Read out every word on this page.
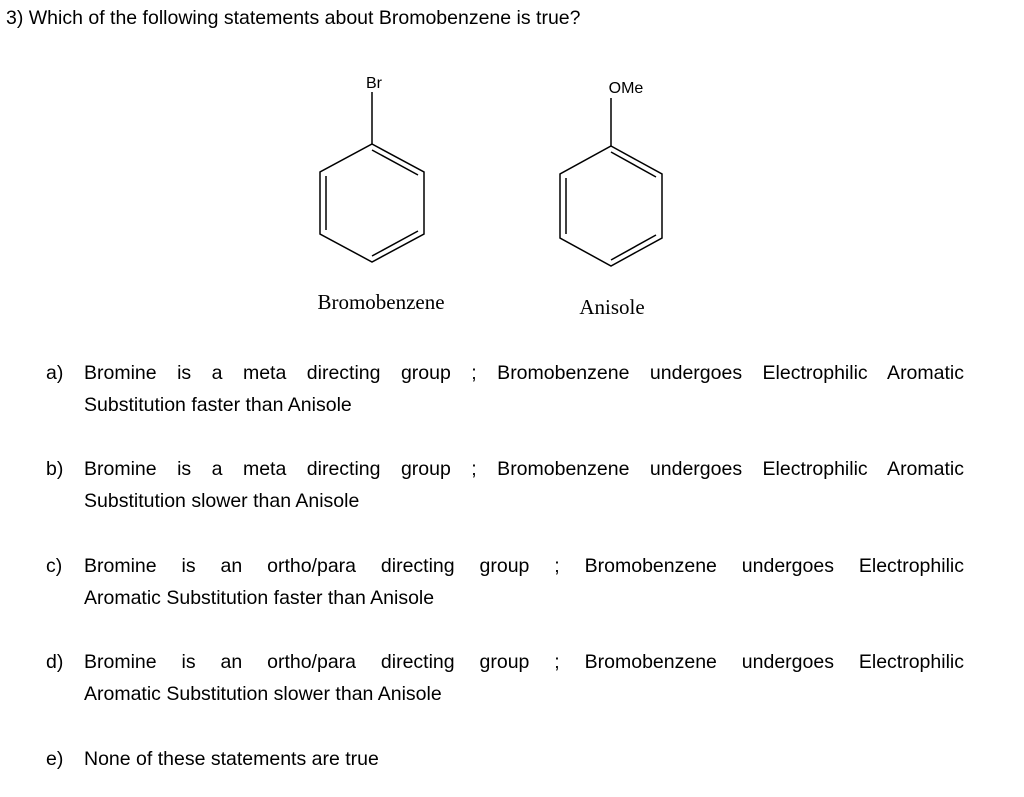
3) Which of the following statements about Bromobenzene is true?
Br
Bromobenzene
OMe
Anisole
a)	Bromine is a meta directing group ; Bromobenzene undergoes Electrophilic Aromatic
Substitution faster than Anisole
b)	Bromine is a meta directing group ; Bromobenzene undergoes Electrophilic Aromatic
Substitution slower than Anisole
c)	Bromine is an ortho/para directing group ; Bromobenzene undergoes Electrophilic
Aromatic Substitution faster than Anisole
d)	Bromine is an ortho/para directing group ; Bromobenzene undergoes Electrophilic
Aromatic Substitution slower than Anisole
e)	None of these statements are true
